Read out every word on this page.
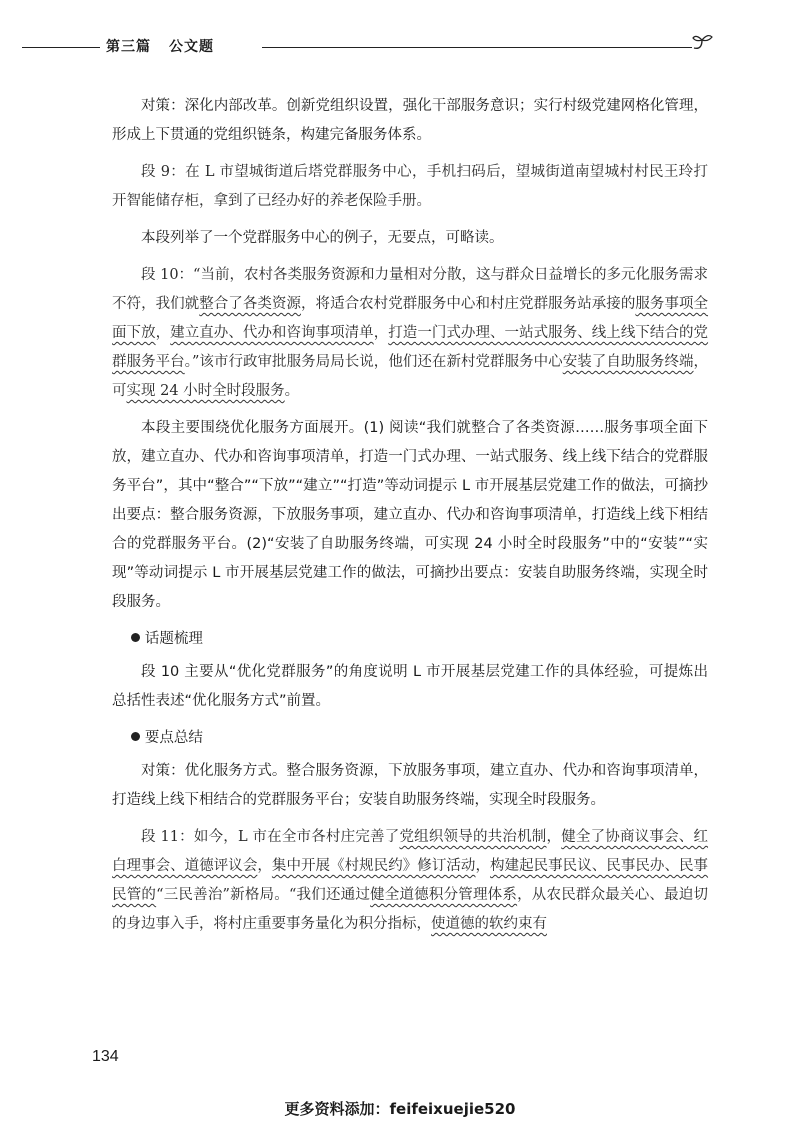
第三篇 公文题

对策：深化内部改革。创新党组织设置，强化干部服务意识；实行村级党建网格化管理，形成上下贯通的党组织链条，构建完备服务体系。

段 9：在 L 市望城街道后塔党群服务中心，手机扫码后，望城街道南望城村村民王玲打开智能储存柜，拿到了已经办好的养老保险手册。

本段列举了一个党群服务中心的例子，无要点，可略读。

段 10：“当前，农村各类服务资源和力量相对分散，这与群众日益增长的多元化服务需求不符，我们就整合了各类资源，将适合农村党群服务中心和村庄党群服务站承接的服务事项全面下放，建立直办、代办和咨询事项清单，打造一门式办理、一站式服务、线上线下结合的党群服务平台。”该市行政审批服务局局长说，他们还在新村党群服务中心安装了自助服务终端，可实现 24 小时全时段服务。

本段主要围绕优化服务方面展开。(1) 阅读“我们就整合了各类资源……服务事项全面下放，建立直办、代办和咨询事项清单，打造一门式办理、一站式服务、线上线下结合的党群服务平台”，其中“整合”“下放”“建立”“打造”等动词提示 L 市开展基层党建工作的做法，可摘抄出要点：整合服务资源，下放服务事项，建立直办、代办和咨询事项清单，打造线上线下相结合的党群服务平台。(2)“安装了自助服务终端，可实现 24 小时全时段服务”中的“安装”“实现”等动词提示 L 市开展基层党建工作的做法，可摘抄出要点：安装自助服务终端，实现全时段服务。

话题梳理

段 10 主要从“优化党群服务”的角度说明 L 市开展基层党建工作的具体经验，可提炼出总括性表述“优化服务方式”前置。

要点总结

对策：优化服务方式。整合服务资源，下放服务事项，建立直办、代办和咨询事项清单，打造线上线下相结合的党群服务平台；安装自助服务终端，实现全时段服务。

段 11：如今，L 市在全市各村庄完善了党组织领导的共治机制，健全了协商议事会、红白理事会、道德评议会，集中开展《村规民约》修订活动，构建起民事民议、民事民办、民事民管的“三民善治”新格局。“我们还通过健全道德积分管理体系，从农民群众最关心、最迫切的身边事入手，将村庄重要事务量化为积分指标，使道德的软约束有

134
更多资料添加：feifeixuejie520
